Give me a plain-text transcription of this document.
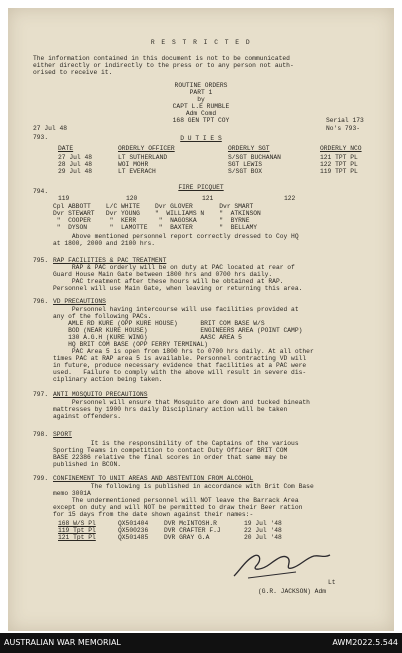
R E S T R I C T E D
The information contained in this document is not to be communicated
either directly or indirectly to the press or to any person not auth-
orised to receive it.
ROUTINE ORDERS
PART 1
by
CAPT L.E RUMBLE
Adm Comd
168 GEN TPT COY
27 Jul 48
Serial 173
No's 793-
793.	D U T I E S
DATE	ORDERLY OFFICER	ORDERLY SGT	ORDERLY NCO
27 Jul 48	LT SUTHERLAND	S/SGT BUCHANAN	121 TPT PL
28 Jul 48	WOI MOHR	SGT LEWIS	122 TPT PL
29 Jul 48	LT EVERACH	S/SGT BOX	119 TPT PL
794.
FIRE PICQUET
119	120	121	122
Cpl ABBOTT    L/C WHITE    Dvr GLOVER       Dvr SMART
Dvr STEWART   Dvr YOUNG    "  WILLIAMS N    "  ATKINSON
"  COOPER     "  KERR      "  NAGOSKA      "  BYRNE
"  DYSON      "  LAMOTTE   "  BAXTER       "  BELLAMY
Above mentioned personnel report correctly dressed to Coy HQ
at 1800, 2000 and 2100 hrs.
795. RAP FACILITIES & PAC TREATMENT
RAP & PAC orderly will be on duty at PAC located at rear of
Guard House Main Gate between 1800 hrs and 0700 hrs daily.
PAC treatment after these hours will be obtained at RAP.
Personnel will use Main Gate, when leaving or returning this area.
796. VD PRECAUTIONS
Personnel having intercourse will use facilities provided at
any of the following PACs.
AMLE RD KURE (OPP KURE HOUSE)      BRIT COM BASE W/S
BOD (NEAR KURE HOUSE)              ENGINEERS AREA (POINT CAMP)
130 A.G.H (KURE WING)              AASC AREA 5
HQ BRIT COM BASE (OPP FERRY TERMINAL)
PAC Area 5 is open from 1800 hrs to 0700 hrs daily. At all other
times PAC at RAP area 5 is available. Personnel contracting VD will
in future, produce necessary evidence that facilities at a PAC were
used.   Failure to comply with the above will result in severe dis-
ciplinary action being taken.
797. ANTI MOSQUITO PRECAUTIONS
Personnel will ensure that Mosquito are down and tucked bineath
mattresses by 1900 hrs daily Disciplinary action will be taken
against offenders.
798. SPORT
It is the responsibility of the Captains of the various
Sporting Teams in competition to contact Duty Officer BRIT COM
BASE 22386 relative the final scores in order that same may be
published in BCON.
799. CONFINEMENT TO UNIT AREAS AND ABSTENTION FROM ALCOHOL
The following is published in accordance with Brit Com Base
memo 3001A
The undermentioned personnel will NOT leave the Barrack Area
except on duty and will NOT be permitted to draw their Beer ration
for 15 days from the date shown against their names:-
168 W/S Pl	QX501404	DVR McINTOSH.R	19 Jul '48
119 Tpt Pl	QX500236	DVR CRAFTER F.J	22 Jul '48
121 Tpt Pl	QX501485	DVR GRAY G.A	20 Jul '48
Lt
(G.R. JACKSON) Adm
AUSTRALIAN WAR MEMORIAL	AWM2022.5.544
